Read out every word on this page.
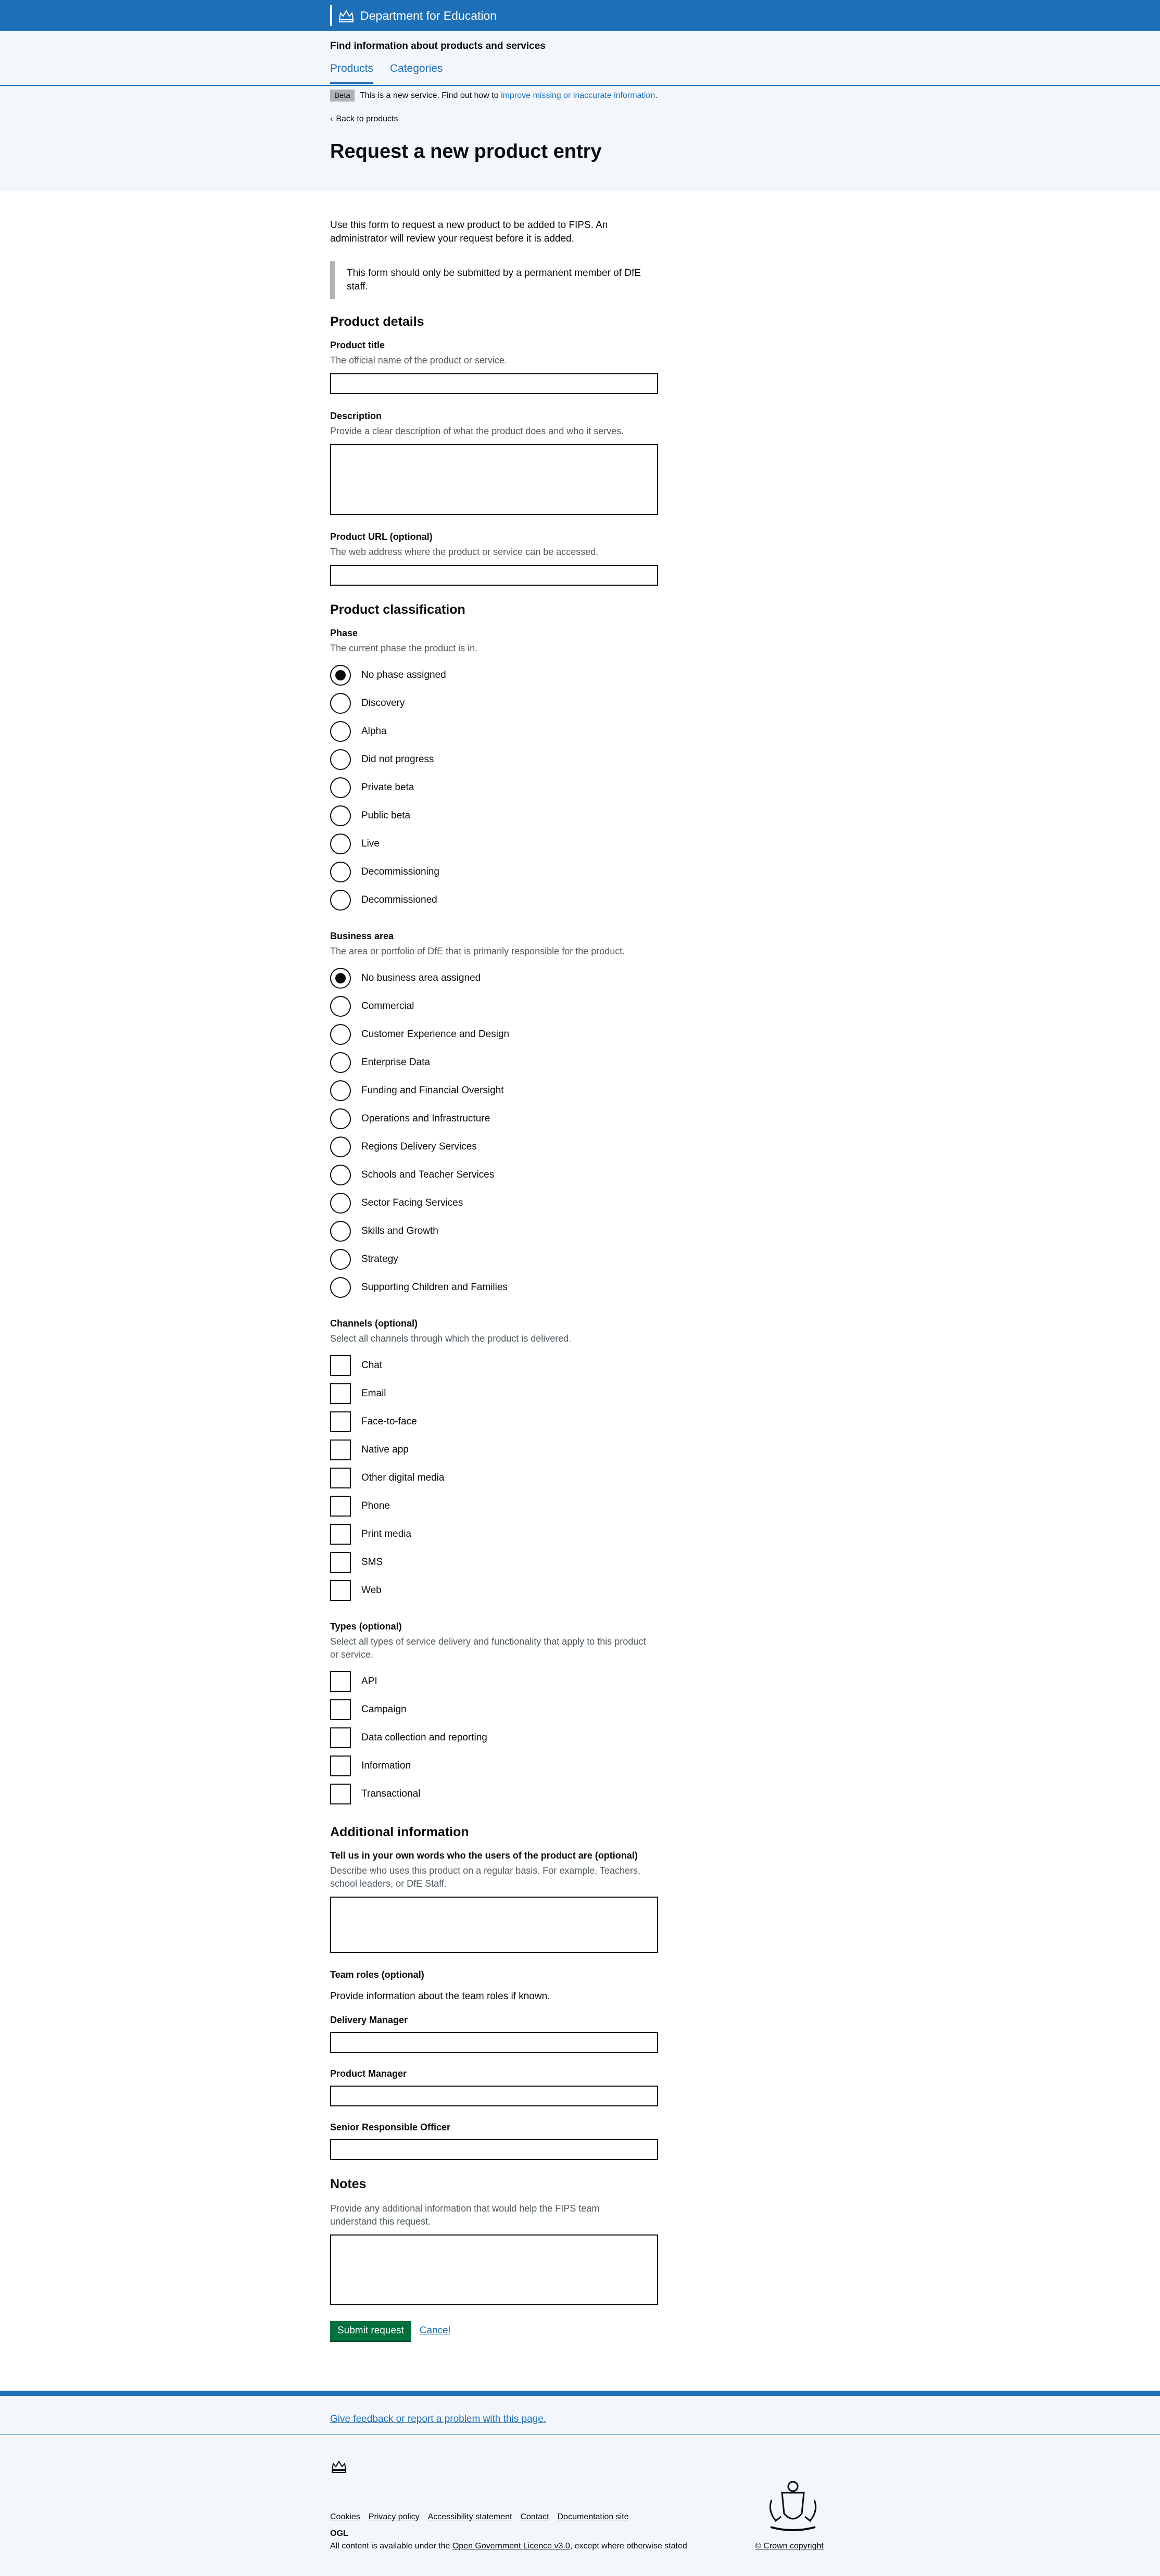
Department for Education
Find information about products and services
Products Categories
Beta	This is a new service. Find out how to
improve missing or inaccurate information .
‹ Back to products
Request a new product entry

Use this form to request a new product to be added to FIPS. An administrator will review your request before it is added.

This form should only be submitted by a permanent member of DfE staff.
Product details

Product title

The official name of the product or service.

Description

Provide a clear description of what the product does and who it serves.

Product URL (optional)

The web address where the product or service can be accessed.

Product classification

Phase

The current phase the product is in.

No phase assigned
Discovery
Alpha
Did not progress
Private beta
Public beta
Live
Decommissioning
Decommissioned

Business area

The area or portfolio of DfE that is primarily responsible for the product.

No business area assigned
Commercial
Customer Experience and Design
Enterprise Data
Funding and Financial Oversight
Operations and Infrastructure
Regions Delivery Services
Schools and Teacher Services
Sector Facing Services
Skills and Growth
Strategy
Supporting Children and Families

Channels (optional)

Select all channels through which the product is delivered.

Chat
Email
Face-to-face
Native app
Other digital media
Phone
Print media
SMS
Web

Types (optional)

Select all types of service delivery and functionality that apply to this product or service.

API
Campaign
Data collection and reporting
Information
Transactional
Additional information

Tell us in your own words who the users of the product are (optional)

Describe who uses this product on a regular basis. For example, Teachers, school leaders, or DfE Staff.

Team roles (optional)

Provide information about the team roles if known.

Delivery Manager

Product Manager

Senior Responsible Officer

Notes

Provide any additional information that would help the FIPS team understand this request.

Submit request	Cancel
Give feedback or report a problem with this page.
Cookies Privacy policy Accessibility statement Contact Documentation site
OGL
All content is available under the Open Government Licence v3.0, except where otherwise stated	© Crown copyright
